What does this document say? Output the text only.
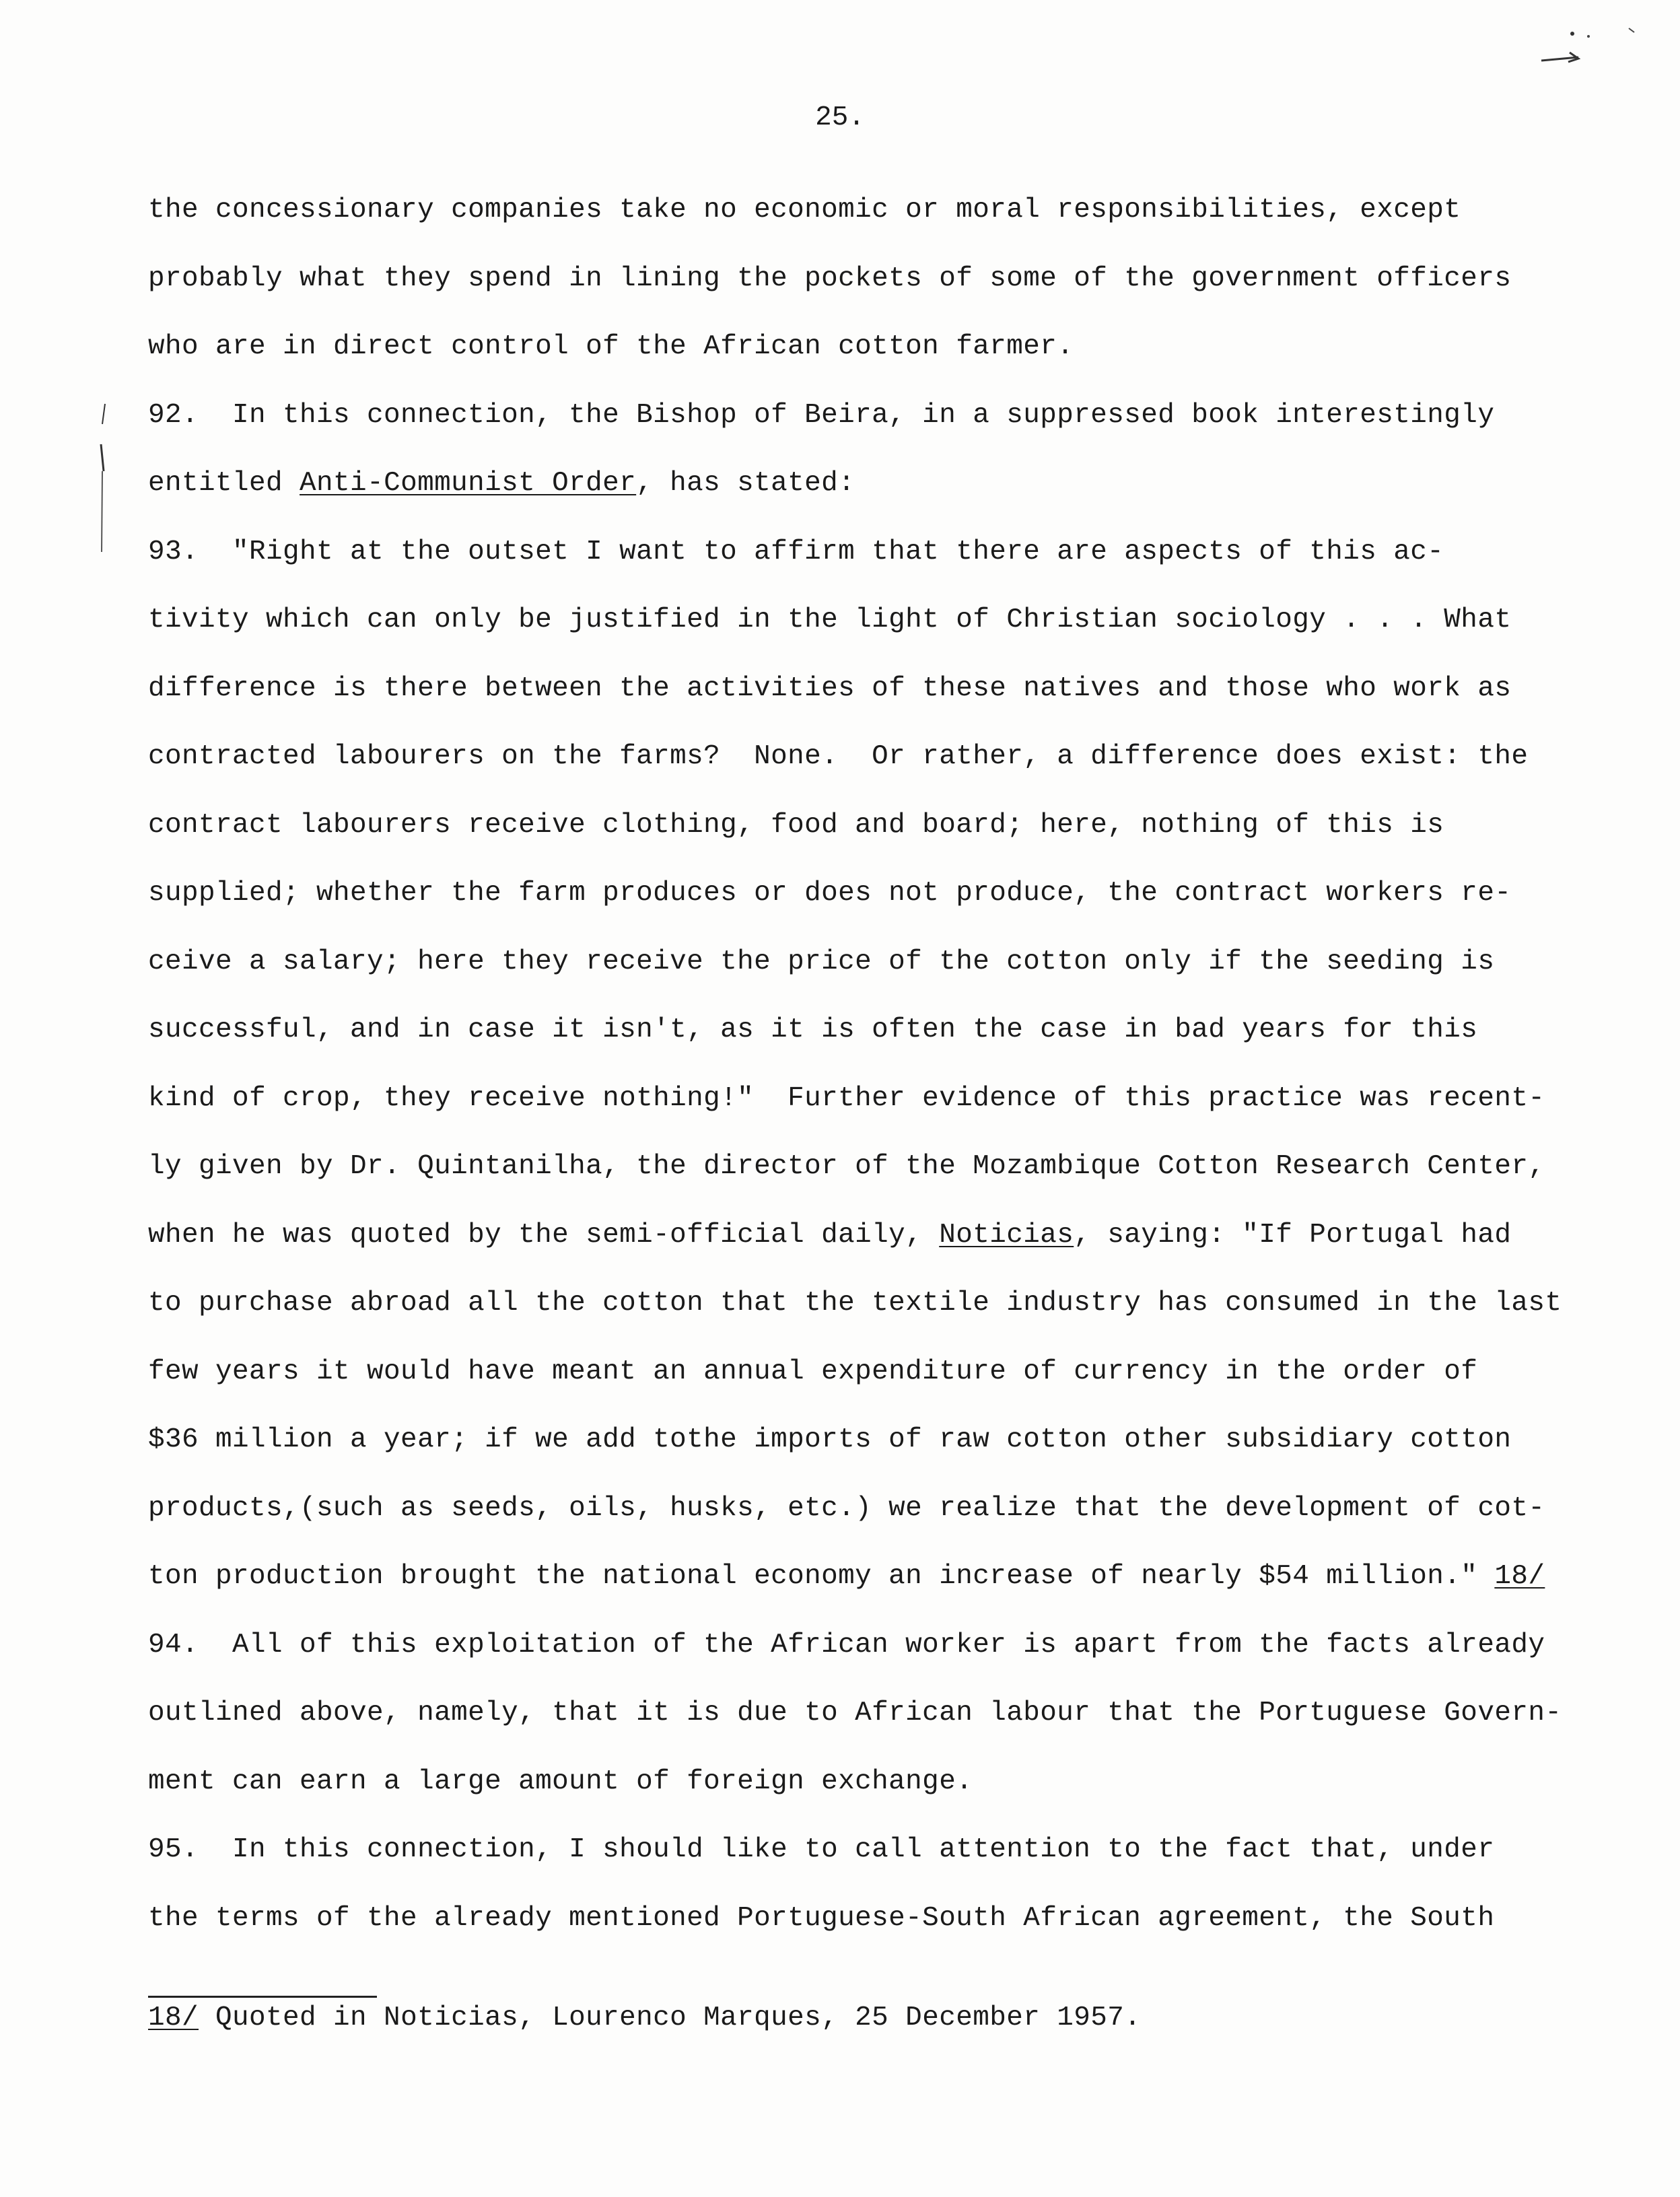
25.
the concessionary companies take no economic or moral responsibilities, except
probably what they spend in lining the pockets of some of the government officers
who are in direct control of the African cotton farmer.
92.  In this connection, the Bishop of Beira, in a suppressed book interestingly
entitled Anti-Communist Order, has stated:
93.  "Right at the outset I want to affirm that there are aspects of this ac-
tivity which can only be justified in the light of Christian sociology . . . What
difference is there between the activities of these natives and those who work as
contracted labourers on the farms?  None.  Or rather, a difference does exist: the
contract labourers receive clothing, food and board; here, nothing of this is
supplied; whether the farm produces or does not produce, the contract workers re-
ceive a salary; here they receive the price of the cotton only if the seeding is
successful, and in case it isn't, as it is often the case in bad years for this
kind of crop, they receive nothing!"  Further evidence of this practice was recent-
ly given by Dr. Quintanilha, the director of the Mozambique Cotton Research Center,
when he was quoted by the semi-official daily, Noticias, saying: "If Portugal had
to purchase abroad all the cotton that the textile industry has consumed in the last
few years it would have meant an annual expenditure of currency in the order of
$36 million a year; if we add tothe imports of raw cotton other subsidiary cotton
products,(such as seeds, oils, husks, etc.) we realize that the development of cot-
ton production brought the national economy an increase of nearly $54 million." 18/
94.  All of this exploitation of the African worker is apart from the facts already
outlined above, namely, that it is due to African labour that the Portuguese Govern-
ment can earn a large amount of foreign exchange.
95.  In this connection, I should like to call attention to the fact that, under
the terms of the already mentioned Portuguese-South African agreement, the South
18/ Quoted in Noticias, Lourenco Marques, 25 December 1957.
